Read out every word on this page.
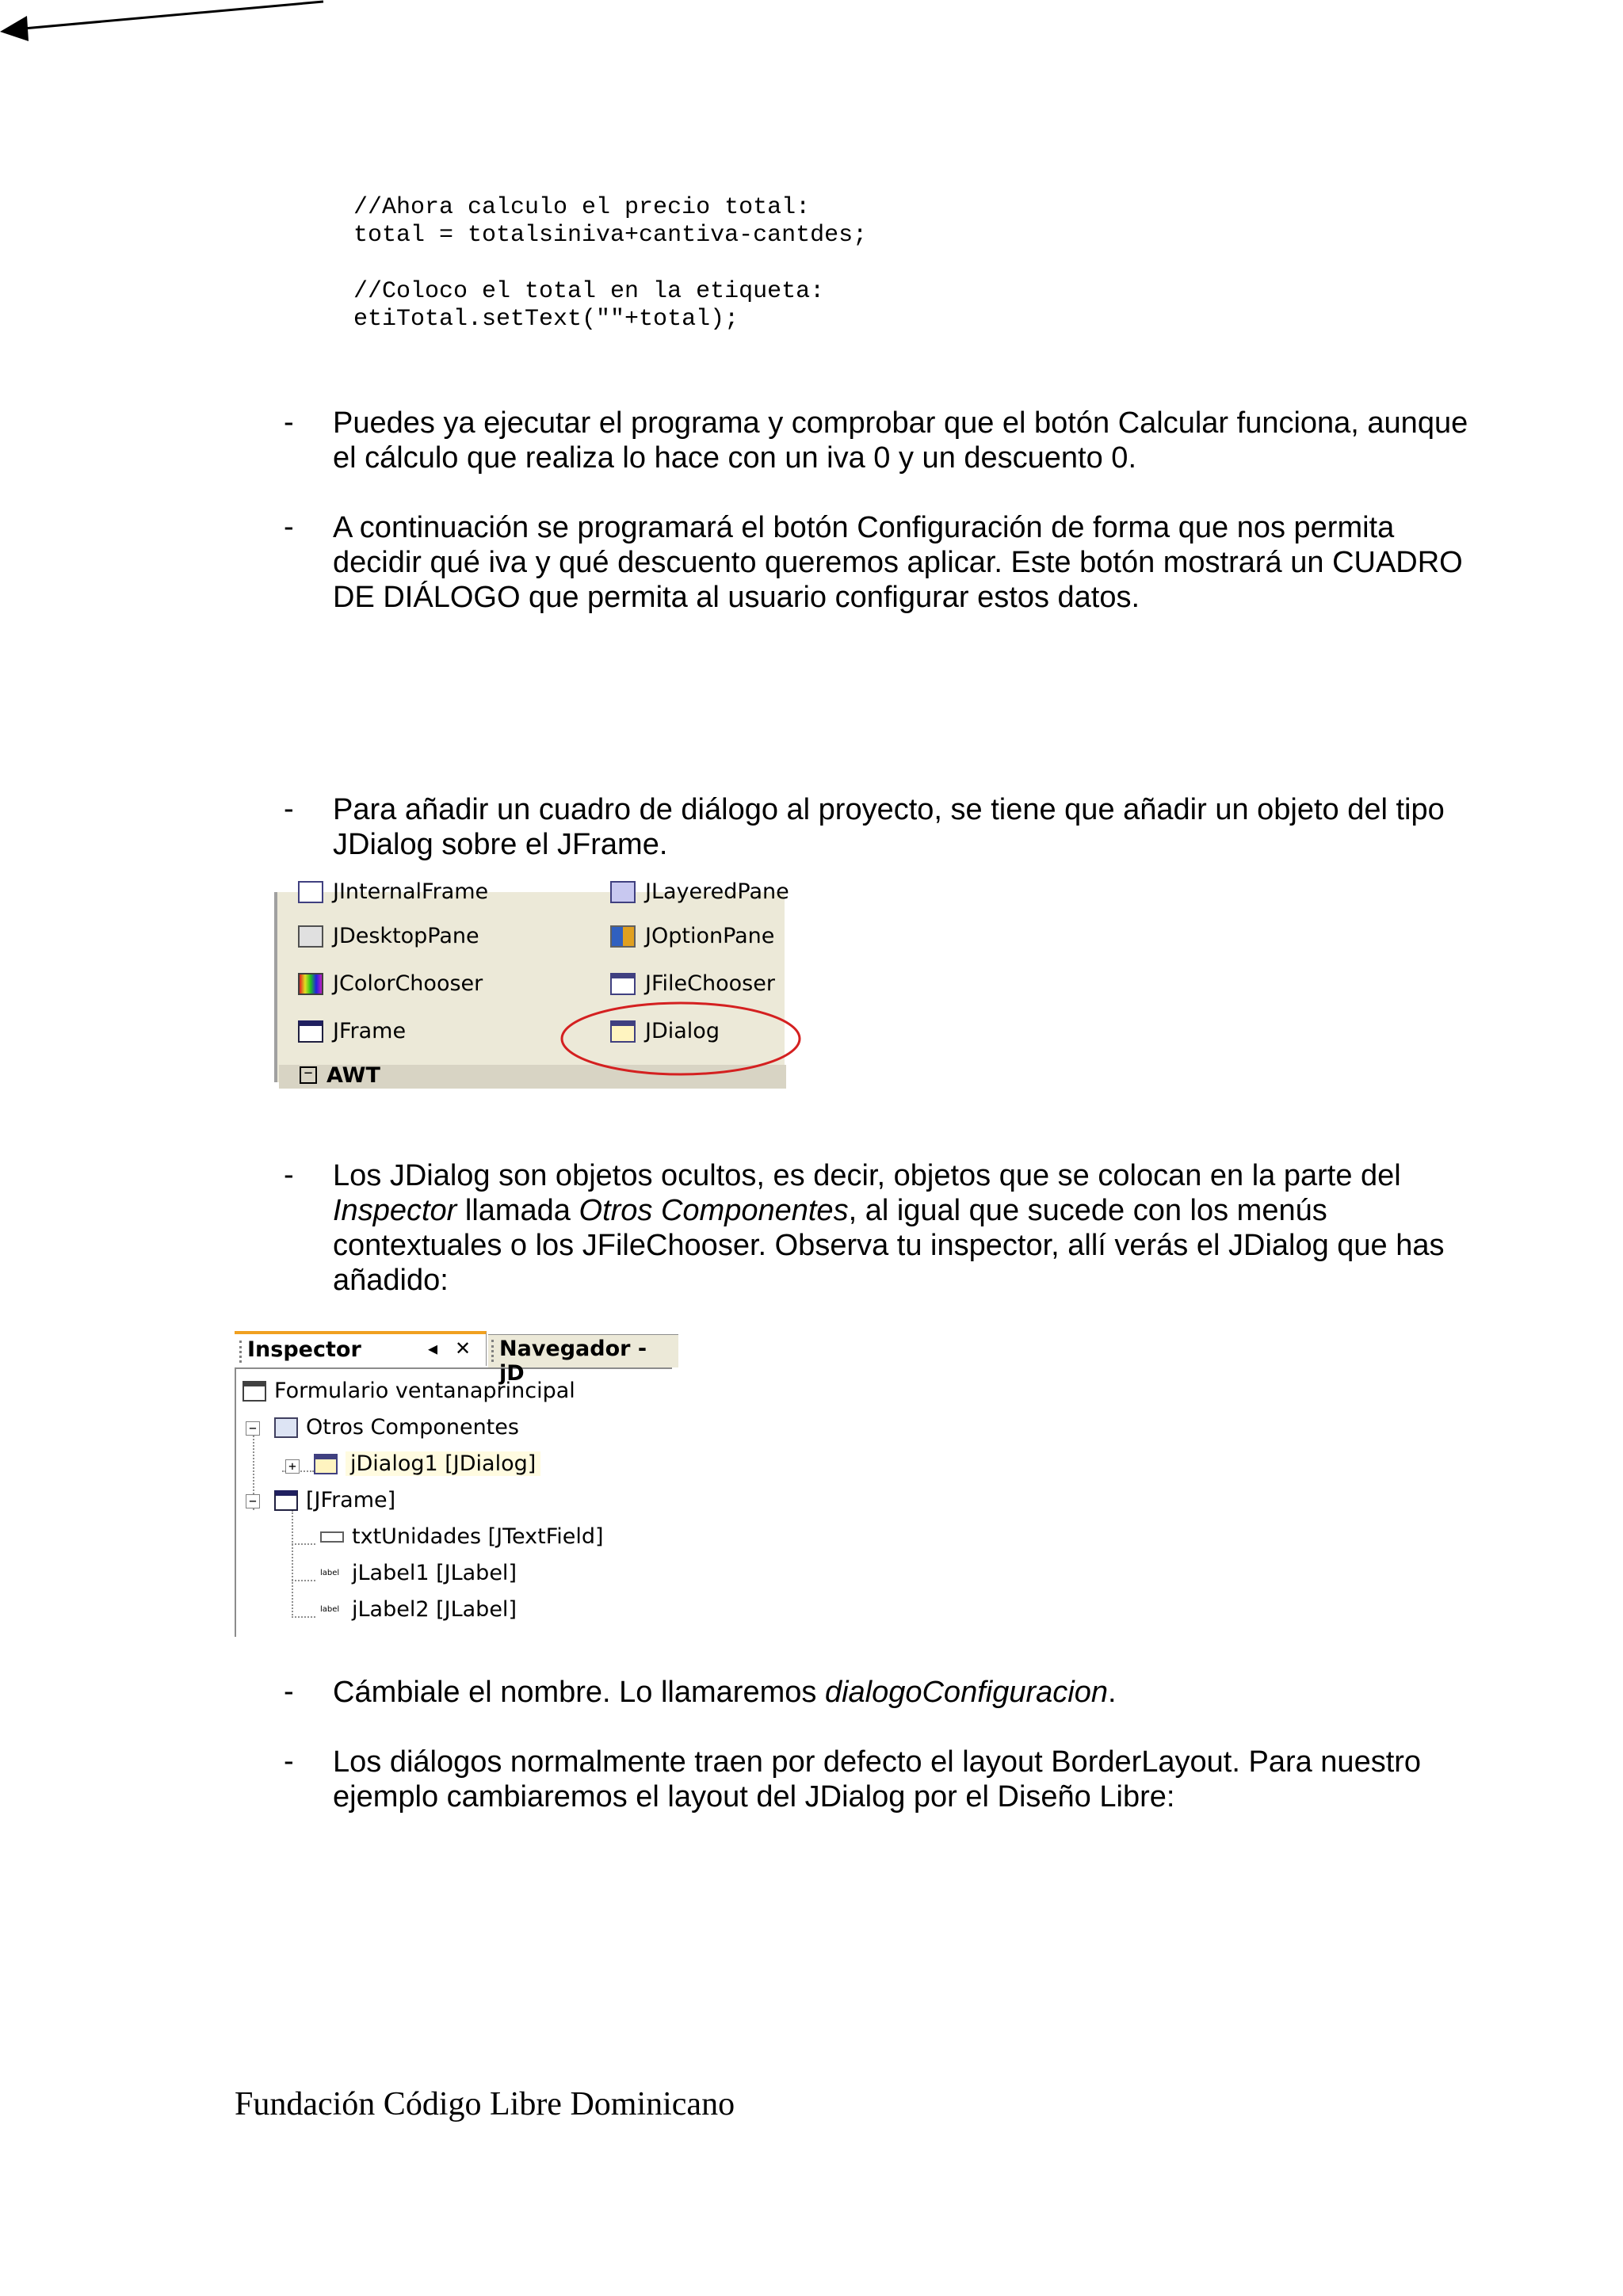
//Ahora calculo el precio total:
total = totalsiniva+cantiva-cantdes;
//Coloco el total en la etiqueta:
etiTotal.setText(""+total);
- Puedes ya ejecutar el programa y comprobar que el botón Calcular funciona, aunque el cálculo que realiza lo hace con un iva 0 y un descuento 0.
- A continuación se programará el botón Configuración de forma que nos permita decidir qué iva y qué descuento queremos aplicar. Este botón mostrará un CUADRO DE DIÁLOGO que permita al usuario configurar estos datos.
- Para añadir un cuadro de diálogo al proyecto, se tiene que añadir un objeto del tipo JDialog sobre el JFrame.
JInternalFrame	JLayeredPane
JDesktopPane	JOptionPane
JColorChooser	JFileChooser
JFrame	JDialog
− AWT
- Los JDialog son objetos ocultos, es decir, objetos que se colocan en la parte del Inspector llamada Otros Componentes, al igual que sucede con los menús contextuales o los JFileChooser. Observa tu inspector, allí verás el JDialog que has añadido:
Inspector	◂ ✕ Navegador - jD
Formulario ventanaprincipal
− Otros Componentes
+	jDialog1 [JDialog]
− [JFrame]
txtUnidades [JTextField]
label jLabel1 [JLabel]
label jLabel2 [JLabel]
- Cámbiale el nombre. Lo llamaremos dialogoConfiguracion.
- Los diálogos normalmente traen por defecto el layout BorderLayout. Para nuestro ejemplo cambiaremos el layout del JDialog por el Diseño Libre:
Fundación Código Libre Dominicano
